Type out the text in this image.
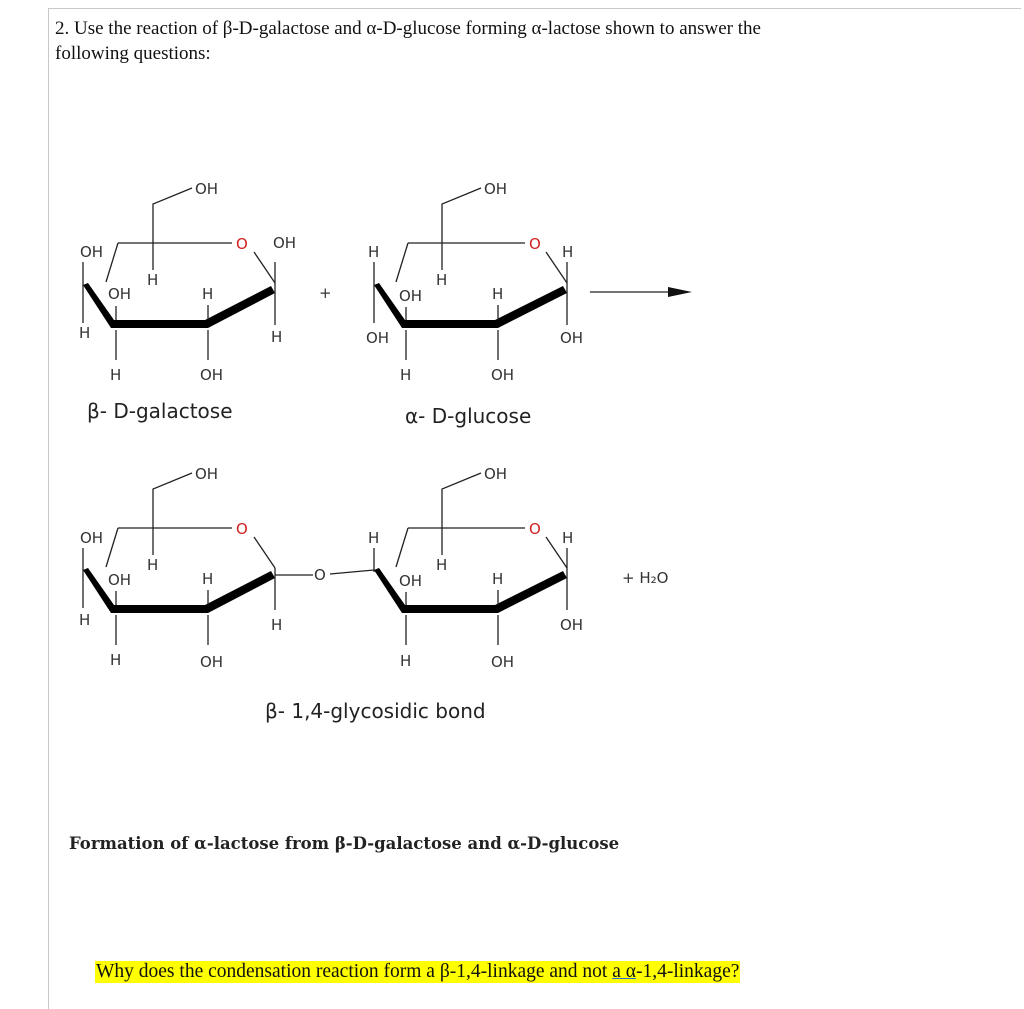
2. Use the reaction of β-D-galactose and α-D-glucose forming α-lactose shown to answer the
following questions:
OH
O
OH
H
OH
H
H
OH
H
H
OH
β- D-galactose
+
OH
O
H
OH
H
OH
H
OH
H
H
OH
α- D-glucose
OH
O
OH
H	H
H
OH
H
H
OH
O
OH
O
H	H
OH
H
OH
H
H
OH
+ H₂O
β- 1,4-glycosidic bond
Formation of α-lactose from β-D-galactose and α-D-glucose
Why does the condensation reaction form a β-1,4-linkage and not a α-1,4-linkage?
